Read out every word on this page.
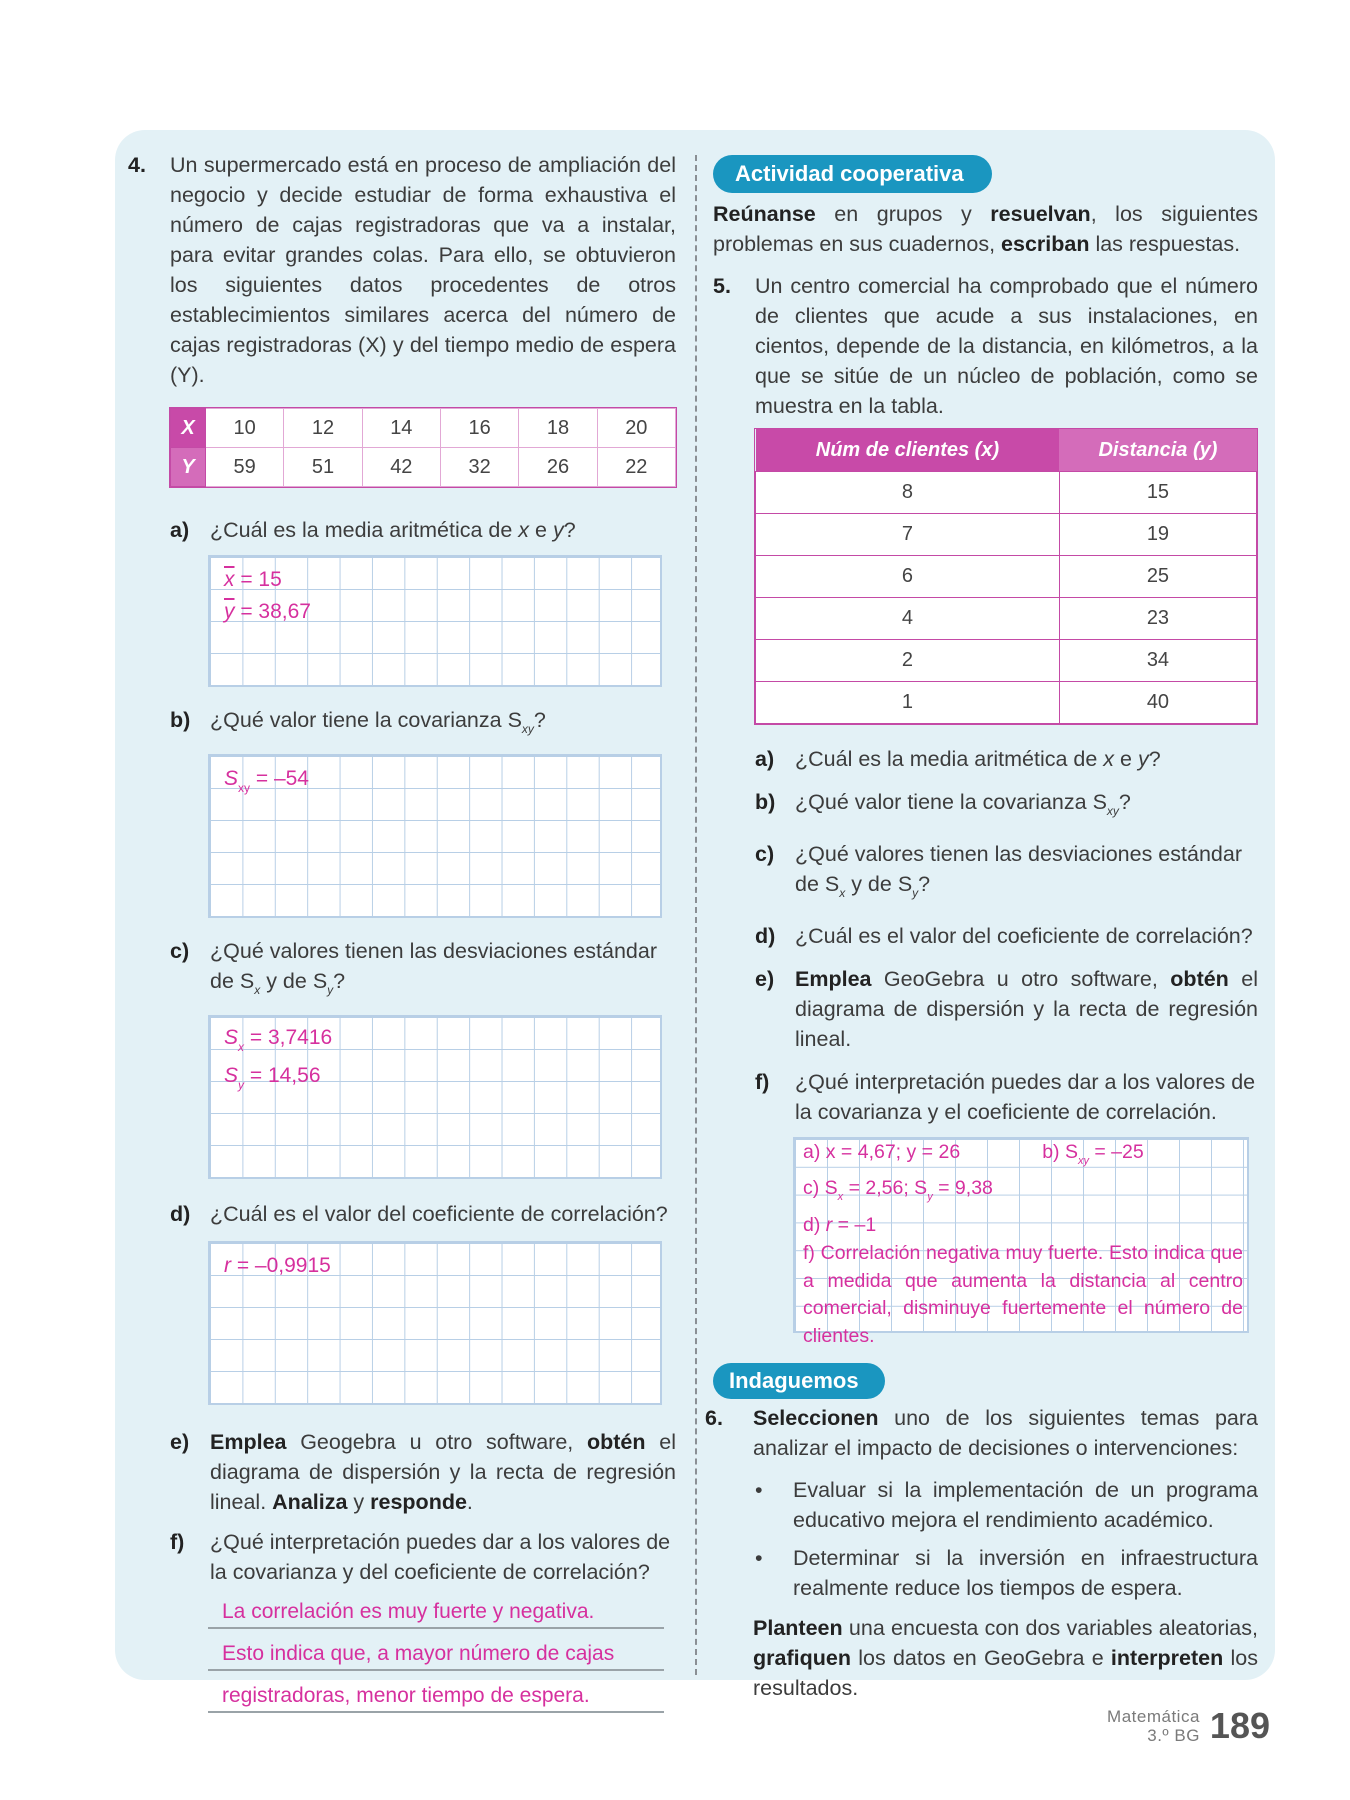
4. Un supermercado está en proceso de ampliación del negocio y decide estudiar de forma exhaustiva el número de cajas registradoras que va a instalar, para evitar grandes colas. Para ello, se obtuvieron los siguientes datos procedentes de otros establecimientos similares acerca del número de cajas registradoras (X) y del tiempo medio de espera (Y).
X	10	12	14	16	18	20
Y	59	51	42	32	26	22
a) ¿Cuál es la media aritmética de x e y?
$\overline{x} = 15$
$\overline{y} = 38,67$
b) ¿Qué valor tiene la covarianza $S_{xy}$?
$S_{xy} = -54$
c) ¿Qué valores tienen las desviaciones estándar
de $S_x$ y de $S_y$?
$S_x = 3,7416$
$S_y = 14,56$
d) ¿Cuál es el valor del coeficiente de correlación?
r = –0,9915
e) Emplea Geogebra u otro software, obtén el diagrama de dispersión y la recta de regresión lineal. Analiza y responde.
f) ¿Qué interpretación puedes dar a los valores de la covarianza y del coeficiente de correlación?
La correlación es muy fuerte y negativa.
Esto indica que, a mayor número de cajas
registradoras, menor tiempo de espera.
Actividad cooperativa
Reúnanse en grupos y resuelvan, los siguientes problemas en sus cuadernos, escriban las respuestas.
5. Un centro comercial ha comprobado que el número de clientes que acude a sus instalaciones, en cientos, depende de la distancia, en kilómetros, a la que se sitúe de un núcleo de población, como se muestra en la tabla.
Núm de clientes (x)	Distancia (y)
8	15
7	19
6	25
4	23
2	34
1	40
a) ¿Cuál es la media aritmética de x e y?
b) ¿Qué valor tiene la covarianza $S_{xy}$?
c) ¿Qué valores tienen las desviaciones estándar
de $S_x$ y de $S_y$?
d) ¿Cuál es el valor del coeficiente de correlación?
e) Emplea GeoGebra u otro software, obtén el diagrama de dispersión y la recta de regresión lineal.
f) ¿Qué interpretación puedes dar a los valores de la covarianza y el coeficiente de correlación.
a) x = 4,67; y = 26	b) $S_{xy} = -25$
c) $S_x = 2,56$; $S_y = 9,38$
d) r = –1
f) Correlación negativa muy fuerte. Esto indica que a medida que aumenta la distancia al centro comercial, disminuye fuertemente el número de clientes.
Indaguemos
6. Seleccionen uno de los siguientes temas para analizar el impacto de decisiones o intervenciones:
• Evaluar si la implementación de un programa educativo mejora el rendimiento académico.
• Determinar si la inversión en infraestructura realmente reduce los tiempos de espera.
Planteen una encuesta con dos variables aleatorias, grafiquen los datos en GeoGebra e interpreten los resultados.
Matemática
3.º BG 189
